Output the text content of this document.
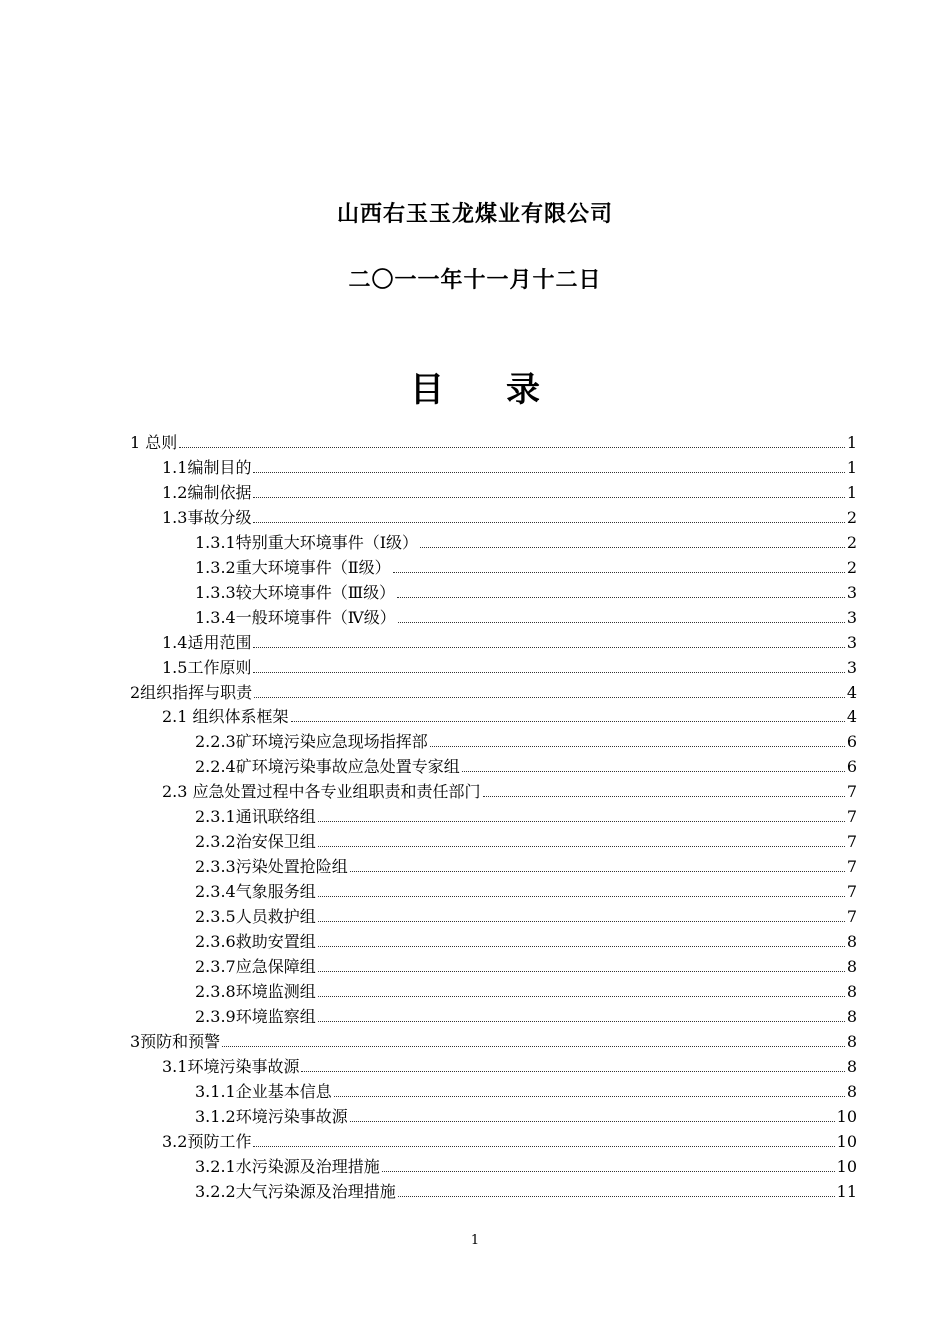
山西右玉玉龙煤业有限公司
二〇一一年十一月十二日
目 录
1 总则	1
1.1编制目的	1
1.2编制依据	1
1.3事故分级	2
1.3.1特别重大环境事件（Ⅰ级）	2
1.3.2重大环境事件（Ⅱ级）	2
1.3.3较大环境事件（Ⅲ级）	3
1.3.4一般环境事件（Ⅳ级）	3
1.4适用范围	3
1.5工作原则	3
2组织指挥与职责	4
2.1 组织体系框架	4
2.2.3矿环境污染应急现场指挥部	6
2.2.4矿环境污染事故应急处置专家组	6
2.3 应急处置过程中各专业组职责和责任部门	7
2.3.1通讯联络组	7
2.3.2治安保卫组	7
2.3.3污染处置抢险组	7
2.3.4气象服务组	7
2.3.5人员救护组	7
2.3.6救助安置组	8
2.3.7应急保障组	8
2.3.8环境监测组	8
2.3.9环境监察组	8
3预防和预警	8
3.1环境污染事故源	8
3.1.1企业基本信息	8
3.1.2环境污染事故源	10
3.2预防工作	10
3.2.1水污染源及治理措施	10
3.2.2大气污染源及治理措施	11
1
